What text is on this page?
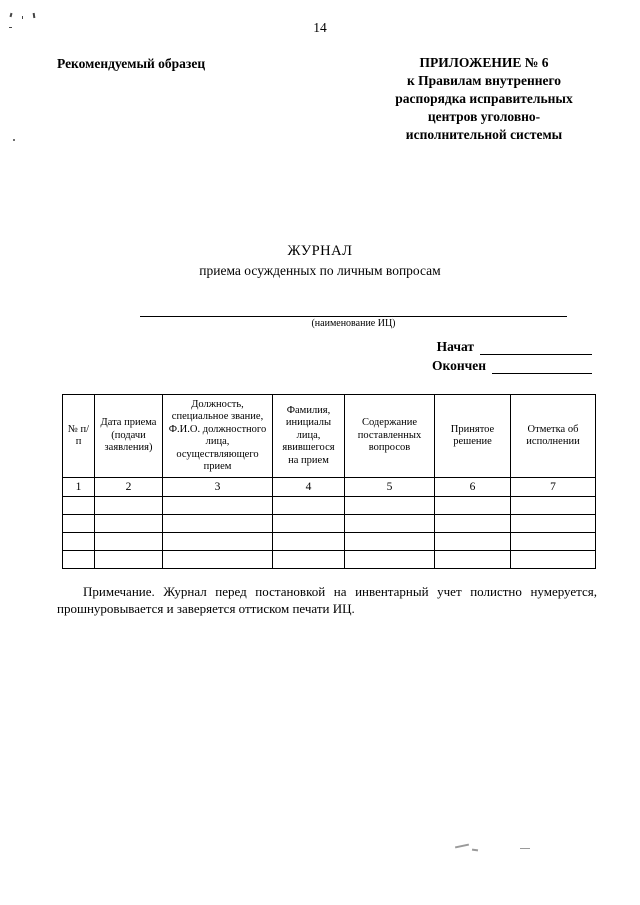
14
Рекомендуемый образец	ПРИЛОЖЕНИЕ № 6
к Правилам внутреннего
распорядка исправительных
центров уголовно-
исполнительной системы
ЖУРНАЛ
приема осужденных по личным вопросам
(наименование ИЦ)
Начат
Окончен
№ п/п	Дата приема (подачи заявления)	Должность, специальное звание, Ф.И.О. должностного лица, осуществляющего прием	Фамилия, инициалы лица, явившегося на прием	Содержание поставленных вопросов	Принятое решение	Отметка об исполнении
1	2	3	4	5	6	7

Примечание. Журнал перед постановкой на инвентарный учет полистно нумеруется, прошнуровывается и заверяется оттиском печати ИЦ.
